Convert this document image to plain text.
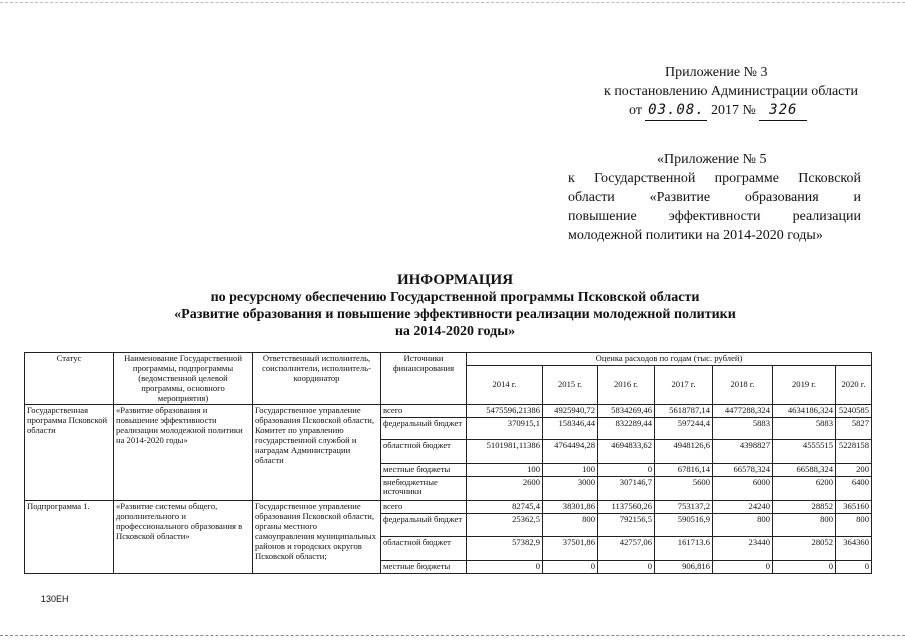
Приложение № 3
к постановлению Администрации области
от 03.08. 2017 № 326
«Приложение № 5
к Государственной программе Псковской
области «Развитие образования и
повышение эффективности реализации
молодежной политики на 2014-2020 годы»
ИНФОРМАЦИЯ
по ресурсному обеспечению Государственной программы Псковской области
«Развитие образования и повышение эффективности реализации молодежной политики
на 2014-2020 годы»
Статус	Наименование Государственной программы, подпрограммы (ведомственной целевой программы, основного мероприятия)	Ответственный исполнитель, соисполнители, исполнитель-координатор	Источники финансирования	Оценка расходов по годам (тыс. рублей)						
				2014 г.	2015 г.	2016 г.	2017 г.	2018 г.	2019 г.	2020 г.
Государственная программа Псковской области	«Развитие образования и повышение эффективности реализации молодежной политики на 2014-2020 годы»	Государственное управление образования Псковской области, Комитет по управлению государственной службой и наградам Администрации области	всего	5475596,21386	4925940,72	5834269,46	5618787,14	4477288,324	4634186,324	5240585
			федеральный бюджет	370915,1	158346,44	832289,44	597244,4	5883	5883	5827
			областной бюджет	5101981,11386	4764494,28	4694833,62	4948126,6	4398827	4555515	5228158
			местные бюджеты	100	100	0	67816,14	66578,324	66588,324	200
			внебюджетные источники	2600	3000	307146,7	5600	6000	6200	6400
Подпрограмма 1.	«Развитие системы общего, дополнительного и профессионального образования в Псковской области»	Государственное управление образования Псковской области, органы местного самоуправления муниципальных районов и городских округов Псковской области;	всего	82745,4	38301,86	1137560,26	753137,2	24240	28852	365160
			федеральный бюджет	25362,5	800	792156,5	590516,9	800	800	800
			областной бюджет	57382,9	37501,86	42757,06	161713.6	23440	28052	364360
			местные бюджеты	0	0	0	906,816	0	0	0
130ЕН
